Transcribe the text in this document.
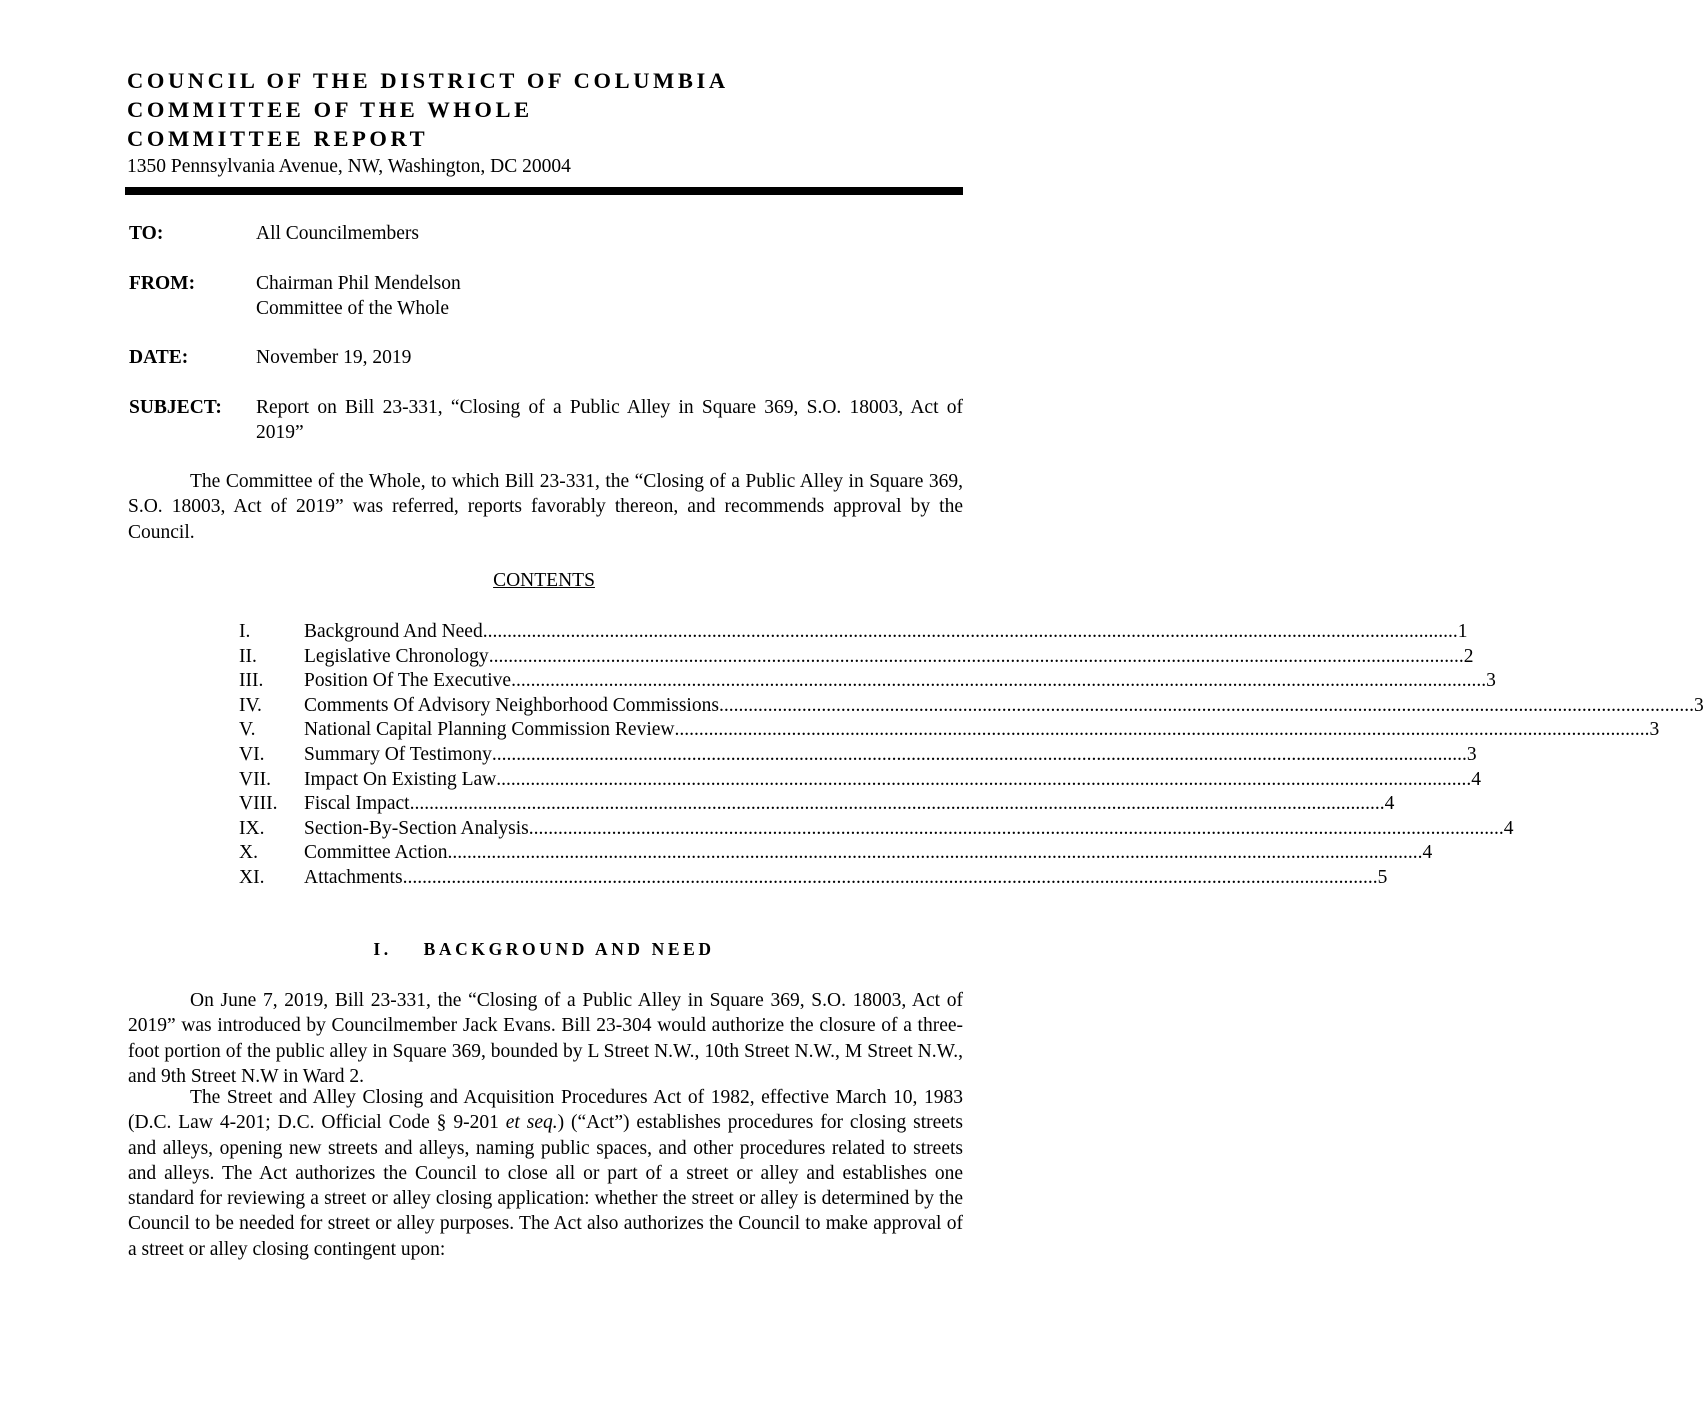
COUNCIL OF THE DISTRICT OF COLUMBIA
COMMITTEE OF THE WHOLE
COMMITTEE REPORT
1350 Pennsylvania Avenue, NW, Washington, DC 20004
TO:	All Councilmembers
FROM:	Chairman Phil Mendelson
Committee of the Whole
DATE:	November 19, 2019
SUBJECT: Report on Bill 23-331, “Closing of a Public Alley in Square 369, S.O. 18003, Act of 2019”

The Committee of the Whole, to which Bill 23-331, the “Closing of a Public Alley in Square 369, S.O. 18003, Act of 2019” was referred, reports favorably thereon, and recommends approval by the Council.

CONTENTS
I.	Background And Need ........................................................................................................................................................................................................ 1
II. Legislative Chronology ........................................................................................................................................................................................................ 2
III. Position Of The Executive ........................................................................................................................................................................................................ 3
IV. Comments Of Advisory Neighborhood Commissions ........................................................................................................................................................................................................ 3
V. National Capital Planning Commission Review ........................................................................................................................................................................................................ 3
VI. Summary Of Testimony ........................................................................................................................................................................................................ 3
VII. Impact On Existing Law ........................................................................................................................................................................................................ 4
VIII. Fiscal Impact ........................................................................................................................................................................................................ 4
IX. Section-By-Section Analysis ........................................................................................................................................................................................................ 4
X. Committee Action ........................................................................................................................................................................................................ 4
XI. Attachments ........................................................................................................................................................................................................ 5
I.    BACKGROUND AND NEED

On June 7, 2019, Bill 23-331, the “Closing of a Public Alley in Square 369, S.O. 18003, Act of 2019” was introduced by Councilmember Jack Evans. Bill 23-304 would authorize the closure of a three-foot portion of the public alley in Square 369, bounded by L Street N.W., 10th Street N.W., M Street N.W., and 9th Street N.W in Ward 2.

The Street and Alley Closing and Acquisition Procedures Act of 1982, effective March 10, 1983 (D.C. Law 4-201; D.C. Official Code § 9-201 et seq.) (“Act”) establishes procedures for closing streets and alleys, opening new streets and alleys, naming public spaces, and other procedures related to streets and alleys. The Act authorizes the Council to close all or part of a street or alley and establishes one standard for reviewing a street or alley closing application: whether the street or alley is determined by the Council to be needed for street or alley purposes. The Act also authorizes the Council to make approval of a street or alley closing contingent upon:
